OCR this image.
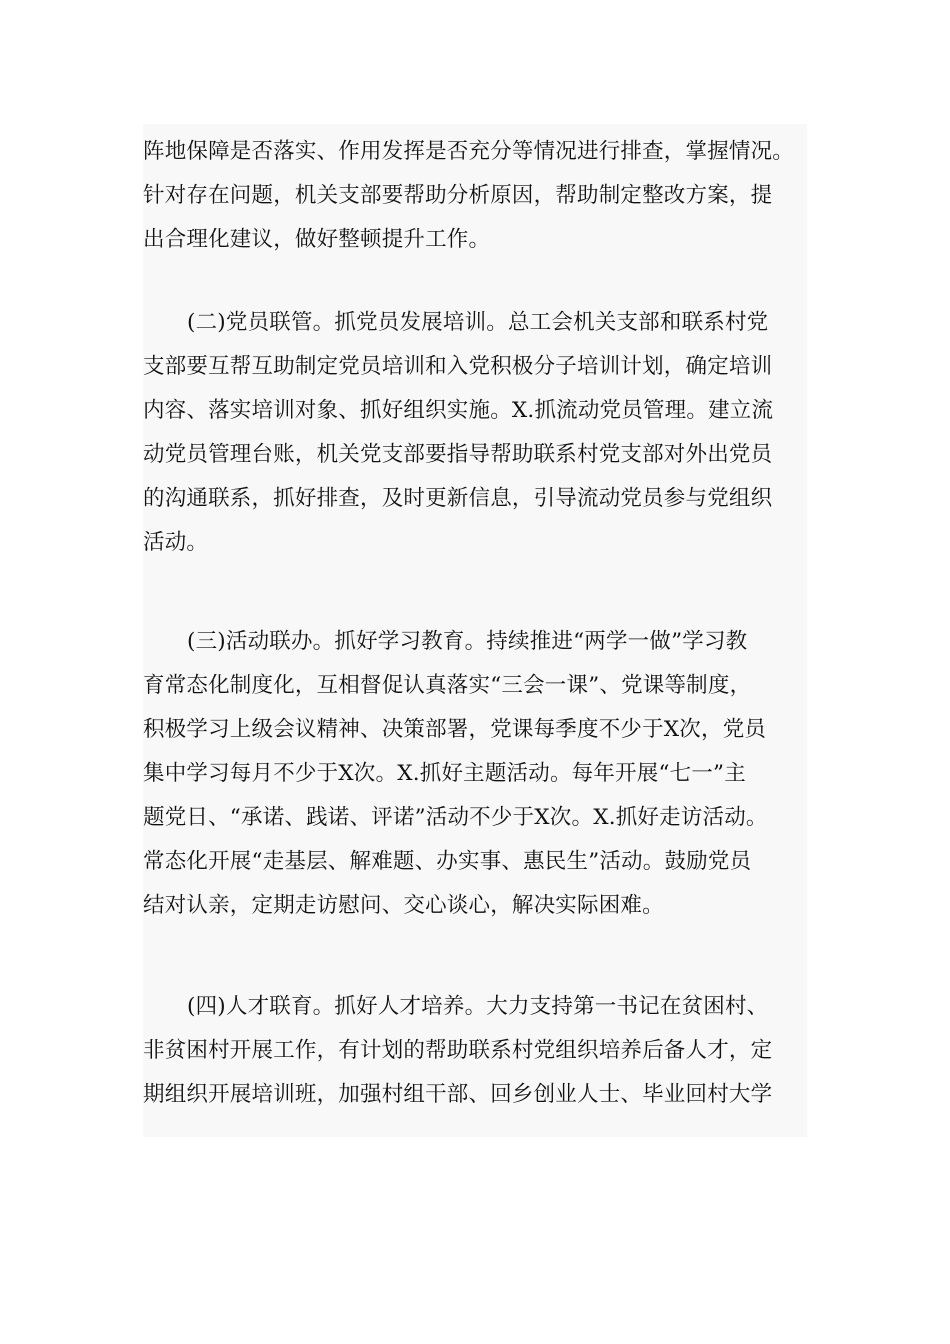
阵地保障是否落实、作用发挥是否充分等情况进行排查，掌握情况。
针对存在问题，机关支部要帮助分析原因，帮助制定整改方案，提
出合理化建议，做好整顿提升工作。
(二)党员联管。抓党员发展培训。总工会机关支部和联系村党
支部要互帮互助制定党员培训和入党积极分子培训计划，确定培训
内容、落实培训对象、抓好组织实施。X.抓流动党员管理。建立流
动党员管理台账，机关党支部要指导帮助联系村党支部对外出党员
的沟通联系，抓好排查，及时更新信息，引导流动党员参与党组织
活动。
(三)活动联办。抓好学习教育。持续推进“两学一做”学习教
育常态化制度化，互相督促认真落实“三会一课”、党课等制度，
积极学习上级会议精神、决策部署，党课每季度不少于X次，党员
集中学习每月不少于X次。X.抓好主题活动。每年开展“七一”主
题党日、“承诺、践诺、评诺”活动不少于X次。X.抓好走访活动。
常态化开展“走基层、解难题、办实事、惠民生”活动。鼓励党员
结对认亲，定期走访慰问、交心谈心，解决实际困难。
(四)人才联育。抓好人才培养。大力支持第一书记在贫困村、
非贫困村开展工作，有计划的帮助联系村党组织培养后备人才，定
期组织开展培训班，加强村组干部、回乡创业人士、毕业回村大学
